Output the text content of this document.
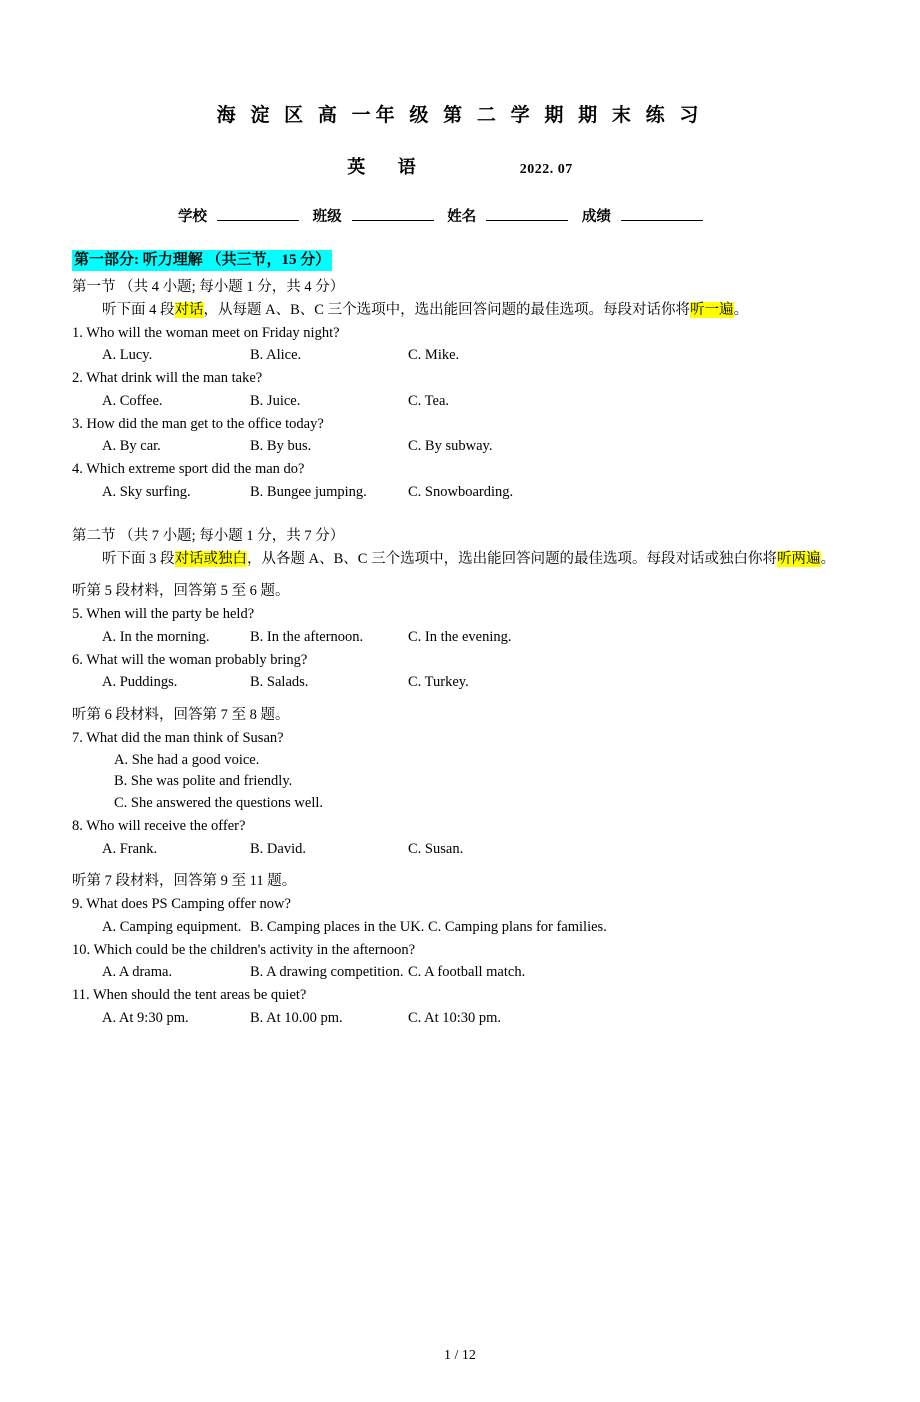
海 淀 区 高 一年 级 第 二 学 期 期 末 练 习
英 语	2022. 07
学校	班级	姓名	成绩
第一部分: 听力理解 （共三节，15 分）
第一节 （共 4 小题; 每小题 1 分，共 4 分）
听下面 4 段对话，从每题 A、B、C 三个选项中，选出能回答问题的最佳选项。每段对话你将听一遍。
1. Who will the woman meet on Friday night?
A. Lucy.	B. Alice.	C. Mike.
2. What drink will the man take?
A. Coffee.	B. Juice.	C. Tea.
3. How did the man get to the office today?
A. By car.	B. By bus.	C. By subway.
4. Which extreme sport did the man do?
A. Sky surfing.	B. Bungee jumping.	C. Snowboarding.
第二节 （共 7 小题; 每小题 1 分，共 7 分）
听下面 3 段对话或独白，从各题 A、B、C 三个选项中，选出能回答问题的最佳选项。每段对话或独白你将听两遍。
听第 5 段材料，回答第 5 至 6 题。
5. When will the party be held?
A. In the morning.	B. In the afternoon.	C. In the evening.
6. What will the woman probably bring?
A. Puddings.	B. Salads.	C. Turkey.
听第 6 段材料，回答第 7 至 8 题。
7. What did the man think of Susan?
A. She had a good voice.
B. She was polite and friendly.
C. She answered the questions well.
8. Who will receive the offer?
A. Frank.	B. David.	C. Susan.
听第 7 段材料，回答第 9 至 11 题。
9. What does PS Camping offer now?
A. Camping equipment. B. Camping places in the UK. C. Camping plans for families.
10. Which could be the children's activity in the afternoon?
A. A drama.	B. A drawing competition. C. A football match.
11. When should the tent areas be quiet?
A. At 9:30 pm.	B. At 10.00 pm.	C. At 10:30 pm.
1 / 12
